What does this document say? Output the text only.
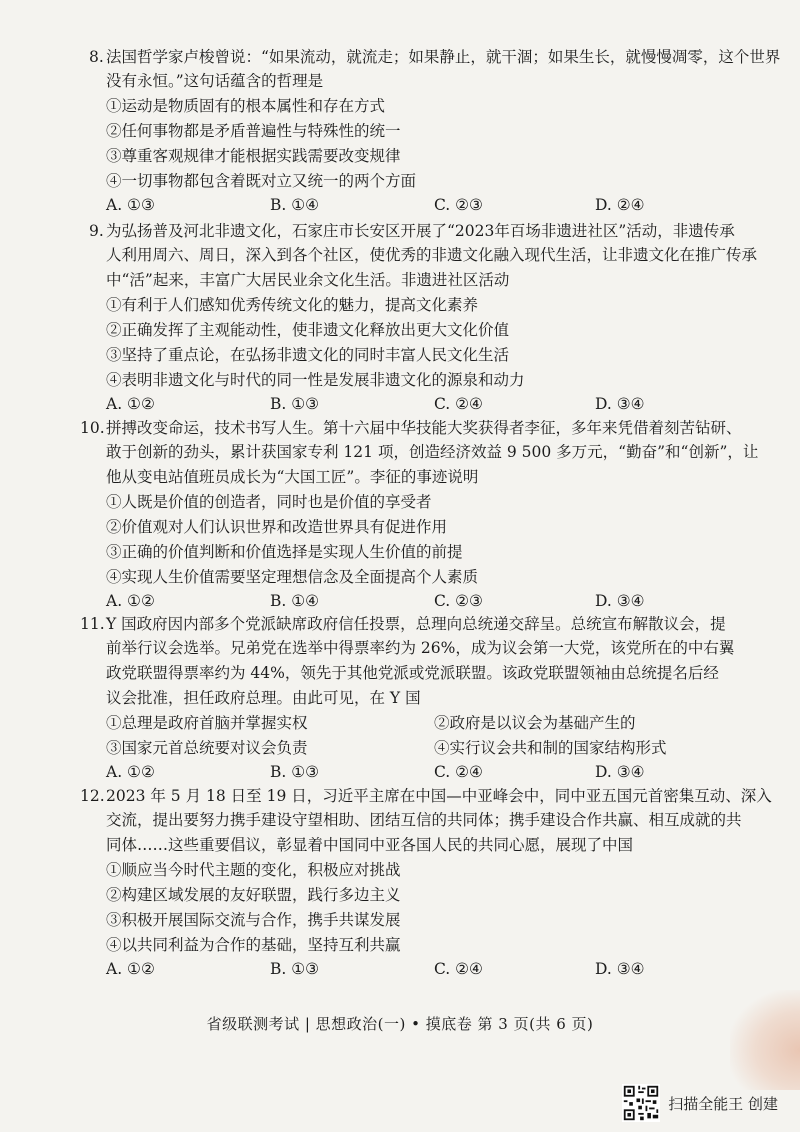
8. 法国哲学家卢梭曾说：“如果流动，就流走；如果静止，就干涸；如果生长，就慢慢凋零，这个世界
没有永恒。”这句话蕴含的哲理是
①运动是物质固有的根本属性和存在方式
②任何事物都是矛盾普遍性与特殊性的统一
③尊重客观规律才能根据实践需要改变规律
④一切事物都包含着既对立又统一的两个方面
A. ①③	B. ①④	C. ②③	D. ②④
9. 为弘扬普及河北非遗文化，石家庄市长安区开展了“2023年百场非遗进社区”活动，非遗传承
人利用周六、周日，深入到各个社区，使优秀的非遗文化融入现代生活，让非遗文化在推广传承
中“活”起来，丰富广大居民业余文化生活。非遗进社区活动
①有利于人们感知优秀传统文化的魅力，提高文化素养
②正确发挥了主观能动性，使非遗文化释放出更大文化价值
③坚持了重点论，在弘扬非遗文化的同时丰富人民文化生活
④表明非遗文化与时代的同一性是发展非遗文化的源泉和动力
A. ①②	B. ①③	C. ②④	D. ③④
10. 拼搏改变命运，技术书写人生。第十六届中华技能大奖获得者李征，多年来凭借着刻苦钻研、
敢于创新的劲头，累计获国家专利 121 项，创造经济效益 9 500 多万元，“勤奋”和“创新”，让
他从变电站值班员成长为“大国工匠”。李征的事迹说明
①人既是价值的创造者，同时也是价值的享受者
②价值观对人们认识世界和改造世界具有促进作用
③正确的价值判断和价值选择是实现人生价值的前提
④实现人生价值需要坚定理想信念及全面提高个人素质
A. ①②	B. ①④	C. ②③	D. ③④
11. Y 国政府因内部多个党派缺席政府信任投票，总理向总统递交辞呈。总统宣布解散议会，提
前举行议会选举。兄弟党在选举中得票率约为 26%，成为议会第一大党，该党所在的中右翼
政党联盟得票率约为 44%，领先于其他党派或党派联盟。该政党联盟领袖由总统提名后经
议会批准，担任政府总理。由此可见，在 Y 国
①总理是政府首脑并掌握实权	②政府是以议会为基础产生的
③国家元首总统要对议会负责	④实行议会共和制的国家结构形式
A. ①②	B. ①③	C. ②④	D. ③④
12. 2023 年 5 月 18 日至 19 日，习近平主席在中国—中亚峰会中，同中亚五国元首密集互动、深入
交流，提出要努力携手建设守望相助、团结互信的共同体；携手建设合作共赢、相互成就的共
同体……这些重要倡议，彰显着中国同中亚各国人民的共同心愿，展现了中国
①顺应当今时代主题的变化，积极应对挑战
②构建区域发展的友好联盟，践行多边主义
③积极开展国际交流与合作，携手共谋发展
④以共同利益为合作的基础，坚持互利共赢
A. ①②	B. ①③	C. ②④	D. ③④
省级联测考试 | 思想政治(一) • 摸底卷 第 3 页(共 6 页)
扫描全能王 创建
